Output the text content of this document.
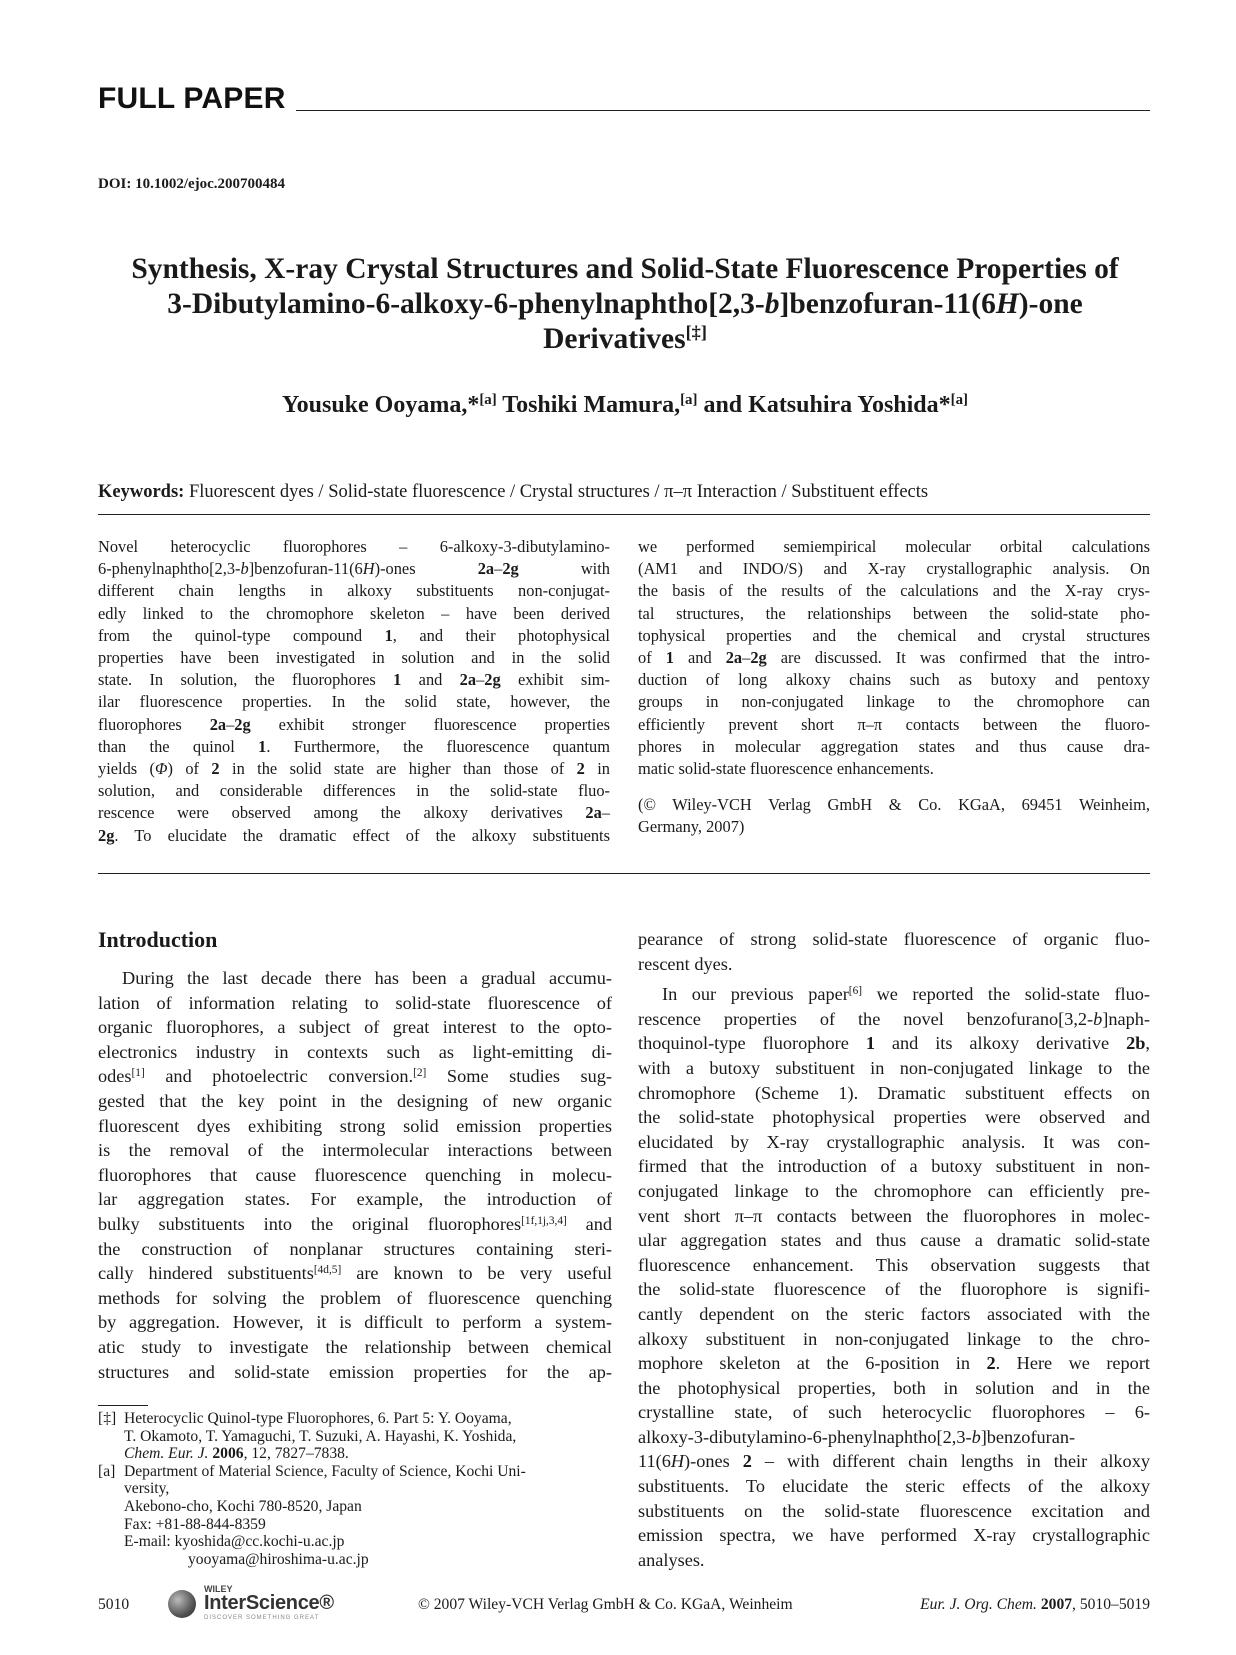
FULL PAPER
DOI: 10.1002/ejoc.200700484
Synthesis, X-ray Crystal Structures and Solid-State Fluorescence Properties of
3-Dibutylamino-6-alkoxy-6-phenylnaphtho[2,3-b]benzofuran-11(6H)-one
Derivatives[‡]
Yousuke Ooyama,*[a] Toshiki Mamura,[a] and Katsuhira Yoshida*[a]
Keywords: Fluorescent dyes / Solid-state fluorescence / Crystal structures / π–π Interaction / Substituent effects
Novel heterocyclic fluorophores – 6-alkoxy-3-dibutylamino-
6-phenylnaphtho[2,3-b]benzofuran-11(6H)-ones 2a–2g with
different chain lengths in alkoxy substituents non-conjugat-
edly linked to the chromophore skeleton – have been derived
from the quinol-type compound 1, and their photophysical
properties have been investigated in solution and in the solid
state. In solution, the fluorophores 1 and 2a–2g exhibit sim-
ilar fluorescence properties. In the solid state, however, the
fluorophores 2a–2g exhibit stronger fluorescence properties
than the quinol 1. Furthermore, the fluorescence quantum
yields (Φ) of 2 in the solid state are higher than those of 2 in
solution, and considerable differences in the solid-state fluo-
rescence were observed among the alkoxy derivatives 2a–
2g. To elucidate the dramatic effect of the alkoxy substituents
we performed semiempirical molecular orbital calculations
(AM1 and INDO/S) and X-ray crystallographic analysis. On
the basis of the results of the calculations and the X-ray crys-
tal structures, the relationships between the solid-state pho-
tophysical properties and the chemical and crystal structures
of 1 and 2a–2g are discussed. It was confirmed that the intro-
duction of long alkoxy chains such as butoxy and pentoxy
groups in non-conjugated linkage to the chromophore can
efficiently prevent short π–π contacts between the fluoro-
phores in molecular aggregation states and thus cause dra-
matic solid-state fluorescence enhancements.
(© Wiley-VCH Verlag GmbH & Co. KGaA, 69451 Weinheim,
Germany, 2007)
Introduction
During the last decade there has been a gradual accumu-
lation of information relating to solid-state fluorescence of
organic fluorophores, a subject of great interest to the opto-
electronics industry in contexts such as light-emitting di-
odes[1] and photoelectric conversion.[2] Some studies sug-
gested that the key point in the designing of new organic
fluorescent dyes exhibiting strong solid emission properties
is the removal of the intermolecular interactions between
fluorophores that cause fluorescence quenching in molecu-
lar aggregation states. For example, the introduction of
bulky substituents into the original fluorophores[1f,1j,3,4] and
the construction of nonplanar structures containing steri-
cally hindered substituents[4d,5] are known to be very useful
methods for solving the problem of fluorescence quenching
by aggregation. However, it is difficult to perform a system-
atic study to investigate the relationship between chemical
structures and solid-state emission properties for the ap-
pearance of strong solid-state fluorescence of organic fluo-
rescent dyes.
In our previous paper[6] we reported the solid-state fluo-
rescence properties of the novel benzofurano[3,2-b]naph-
thoquinol-type fluorophore 1 and its alkoxy derivative 2b,
with a butoxy substituent in non-conjugated linkage to the
chromophore (Scheme 1). Dramatic substituent effects on
the solid-state photophysical properties were observed and
elucidated by X-ray crystallographic analysis. It was con-
firmed that the introduction of a butoxy substituent in non-
conjugated linkage to the chromophore can efficiently pre-
vent short π–π contacts between the fluorophores in molec-
ular aggregation states and thus cause a dramatic solid-state
fluorescence enhancement. This observation suggests that
the solid-state fluorescence of the fluorophore is signifi-
cantly dependent on the steric factors associated with the
alkoxy substituent in non-conjugated linkage to the chro-
mophore skeleton at the 6-position in 2. Here we report
the photophysical properties, both in solution and in the
crystalline state, of such heterocyclic fluorophores – 6-
alkoxy-3-dibutylamino-6-phenylnaphtho[2,3-b]benzofuran-
11(6H)-ones 2 – with different chain lengths in their alkoxy
substituents. To elucidate the steric effects of the alkoxy
substituents on the solid-state fluorescence excitation and
emission spectra, we have performed X-ray crystallographic
analyses.
[‡] Heterocyclic Quinol-type Fluorophores, 6. Part 5: Y. Ooyama,
T. Okamoto, T. Yamaguchi, T. Suzuki, A. Hayashi, K. Yoshida,
Chem. Eur. J. 2006, 12, 7827–7838.
[a] Department of Material Science, Faculty of Science, Kochi Uni-
versity,
Akebono-cho, Kochi 780-8520, Japan
Fax: +81-88-844-8359
E-mail: kyoshida@cc.kochi-u.ac.jp
yooyama@hiroshima-u.ac.jp
WILEY
InterScience®
DISCOVER SOMETHING GREAT
5010	© 2007 Wiley-VCH Verlag GmbH & Co. KGaA, Weinheim	Eur. J. Org. Chem. 2007, 5010–5019
